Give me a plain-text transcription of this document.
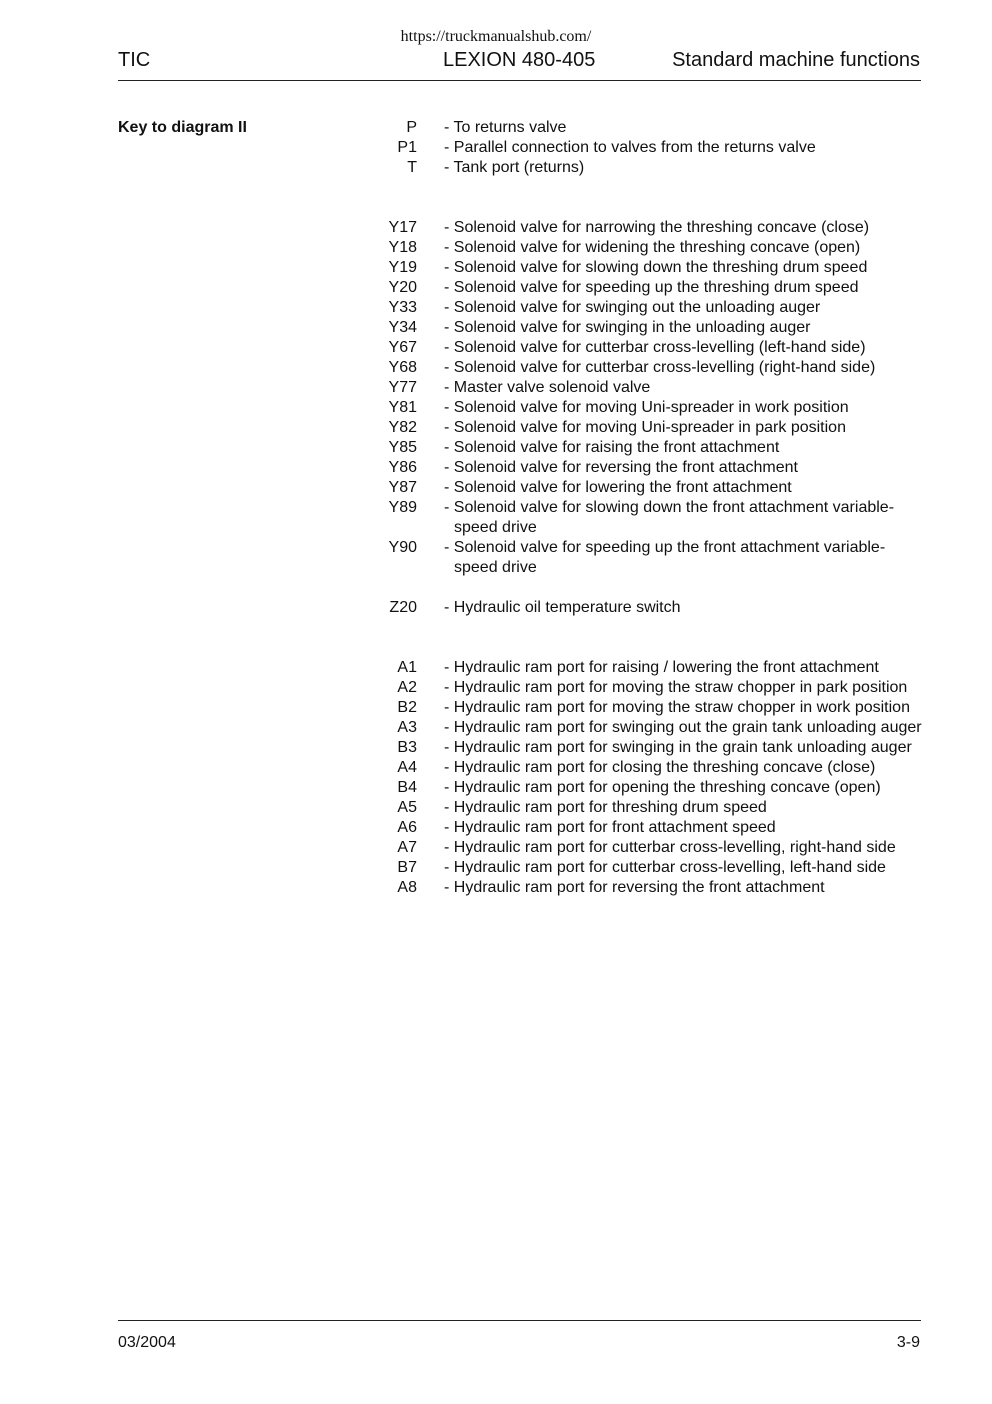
https://truckmanualshub.com/
TIC	LEXION 480-405	Standard machine functions
Key to diagram II	P - To returns valve
P1 - Parallel connection to valves from the returns valve
T - Tank port (returns)
Y17 - Solenoid valve for narrowing the threshing concave (close)
Y18 - Solenoid valve for widening the threshing concave (open)
Y19 - Solenoid valve for slowing down the threshing drum speed
Y20 - Solenoid valve for speeding up the threshing drum speed
Y33 - Solenoid valve for swinging out the unloading auger
Y34 - Solenoid valve for swinging in the unloading auger
Y67 - Solenoid valve for cutterbar cross-levelling (left-hand side)
Y68 - Solenoid valve for cutterbar cross-levelling (right-hand side)
Y77 - Master valve solenoid valve
Y81 - Solenoid valve for moving Uni-spreader in work position
Y82 - Solenoid valve for moving Uni-spreader in park position
Y85 - Solenoid valve for raising the front attachment
Y86 - Solenoid valve for reversing the front attachment
Y87 - Solenoid valve for lowering the front attachment
Y89 - Solenoid valve for slowing down the front attachment variable-speed drive
Y90 - Solenoid valve for speeding up the front attachment variable-speed drive
Z20 - Hydraulic oil temperature switch
A1 - Hydraulic ram port for raising / lowering the front attachment
A2 - Hydraulic ram port for moving the straw chopper in park position
B2 - Hydraulic ram port for moving the straw chopper in work position
A3 - Hydraulic ram port for swinging out the grain tank unloading auger
B3 - Hydraulic ram port for swinging in the grain tank unloading auger
A4 - Hydraulic ram port for closing the threshing concave (close)
B4 - Hydraulic ram port for opening the threshing concave (open)
A5 - Hydraulic ram port for threshing drum speed
A6 - Hydraulic ram port for front attachment speed
A7 - Hydraulic ram port for cutterbar cross-levelling, right-hand side
B7 - Hydraulic ram port for cutterbar cross-levelling, left-hand side
A8 - Hydraulic ram port for reversing the front attachment
03/2004	3-9
